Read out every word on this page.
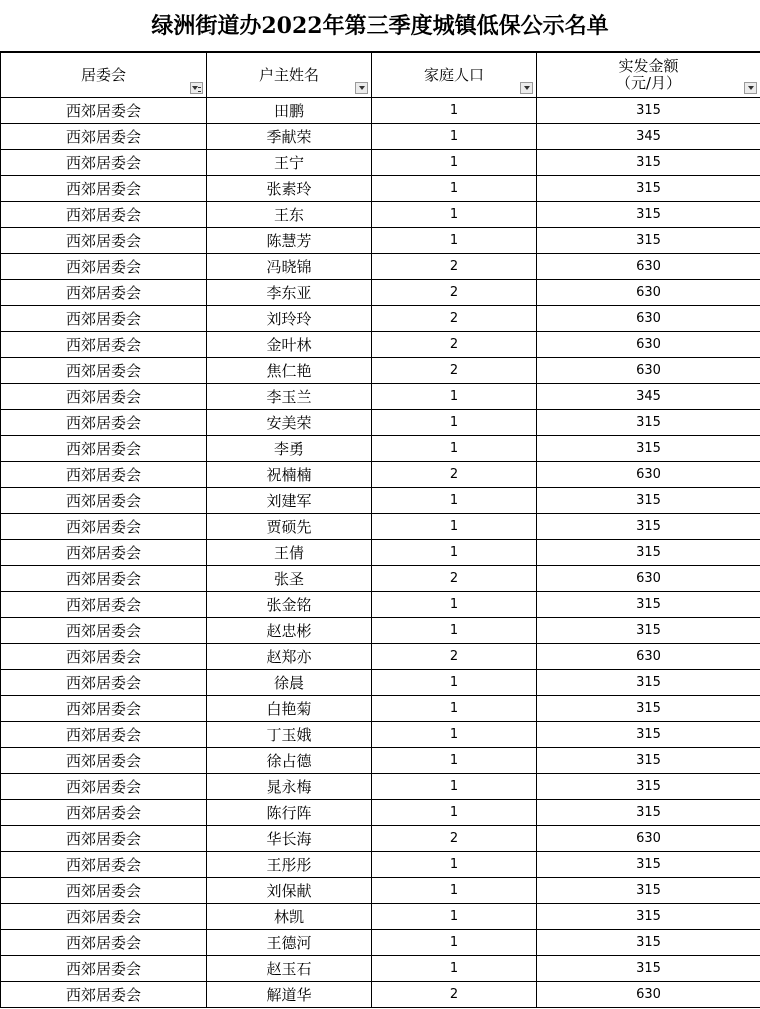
绿洲街道办2022年第三季度城镇低保公示名单
居委会	户主姓名	家庭人口	实发金额
（元/月）

西郊居委会	田鹏	1	315
西郊居委会	季献荣	1	345
西郊居委会	王宁	1	315
西郊居委会	张素玲	1	315
西郊居委会	王东	1	315
西郊居委会	陈慧芳	1	315
西郊居委会	冯晓锦	2	630
西郊居委会	李东亚	2	630
西郊居委会	刘玲玲	2	630
西郊居委会	金叶林	2	630
西郊居委会	焦仁艳	2	630
西郊居委会	李玉兰	1	345
西郊居委会	安美荣	1	315
西郊居委会	李勇	1	315
西郊居委会	祝楠楠	2	630
西郊居委会	刘建军	1	315
西郊居委会	贾硕先	1	315
西郊居委会	王倩	1	315
西郊居委会	张圣	2	630
西郊居委会	张金铭	1	315
西郊居委会	赵忠彬	1	315
西郊居委会	赵郑亦	2	630
西郊居委会	徐晨	1	315
西郊居委会	白艳菊	1	315
西郊居委会	丁玉娥	1	315
西郊居委会	徐占德	1	315
西郊居委会	晁永梅	1	315
西郊居委会	陈行阵	1	315
西郊居委会	华长海	2	630
西郊居委会	王彤彤	1	315
西郊居委会	刘保献	1	315
西郊居委会	林凯	1	315
西郊居委会	王德河	1	315
西郊居委会	赵玉石	1	315
西郊居委会	解道华	2	630
